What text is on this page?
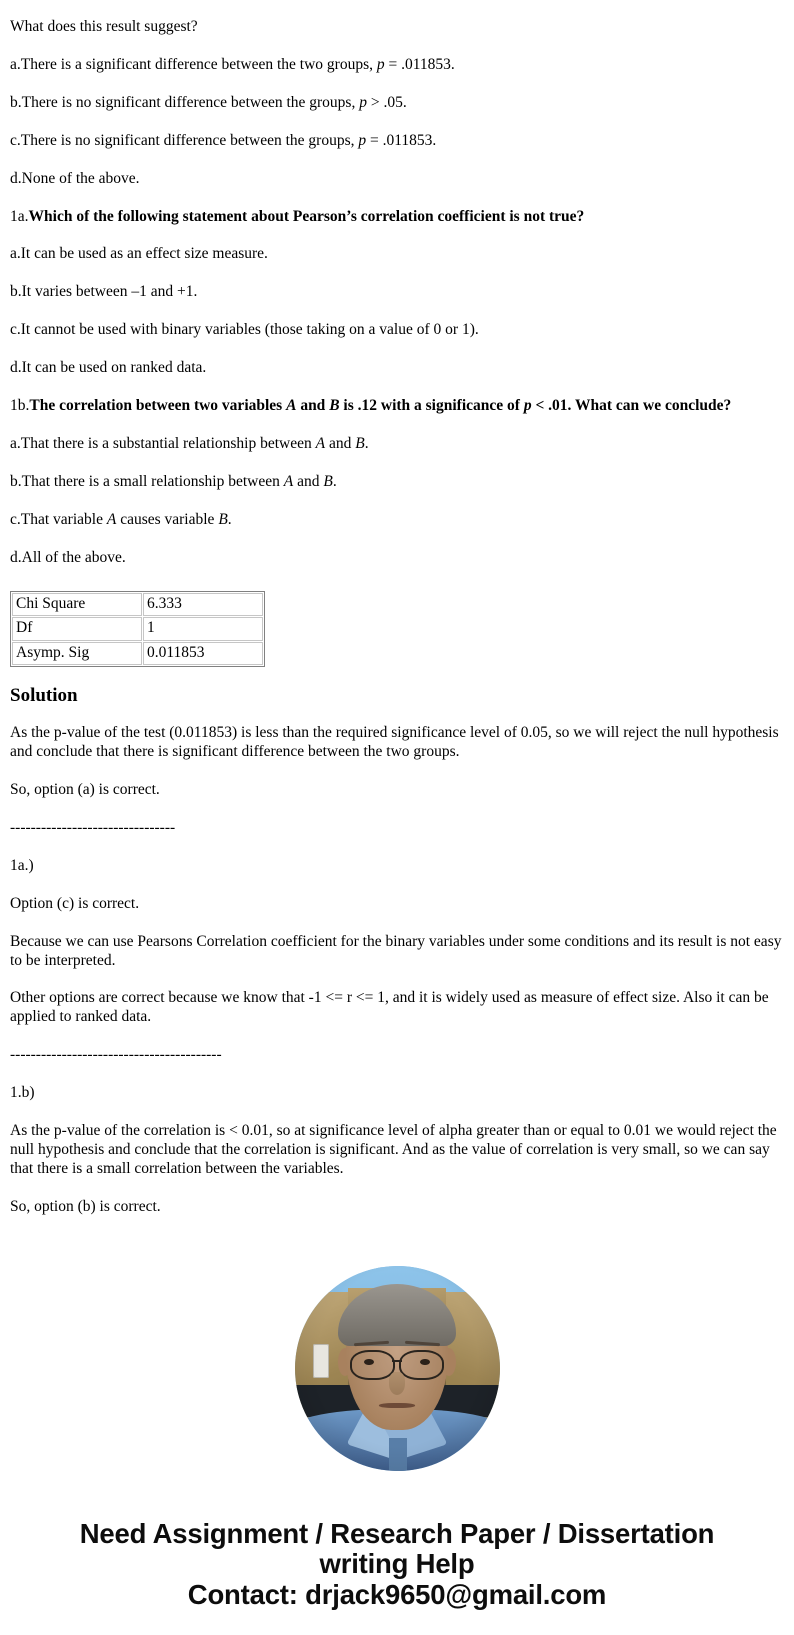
What does this result suggest?

a.There is a significant difference between the two groups, p = .011853.

b.There is no significant difference between the groups, p > .05.

c.There is no significant difference between the groups, p = .011853.

d.None of the above.

1a.Which of the following statement about Pearson’s correlation coefficient is not true?

a.It can be used as an effect size measure.

b.It varies between –1 and +1.

c.It cannot be used with binary variables (those taking on a value of 0 or 1).

d.It can be used on ranked data.

1b.The correlation between two variables A and B is .12 with a significance of p < .01. What can we conclude?

a.That there is a substantial relationship between A and B.

b.That there is a small relationship between A and B.

c.That variable A causes variable B.

d.All of the above.

Chi Square	6.333
Df	1
Asymp. Sig	0.011853
Solution

As the p-value of the test (0.011853) is less than the required significance level of 0.05, so we will reject the null hypothesis and conclude that there is significant difference between the two groups.

So, option (a) is correct.

--------------------------------

1a.)

Option (c) is correct.

Because we can use Pearsons Correlation coefficient for the binary variables under some conditions and its result is not easy to be interpreted.

Other options are correct because we know that -1 <= r <= 1, and it is widely used as measure of effect size. Also it can be applied to ranked data.

-----------------------------------------

1.b)

As the p-value of the correlation is < 0.01, so at significance level of alpha greater than or equal to 0.01 we would reject the null hypothesis and conclude that the correlation is significant. And as the value of correlation is very small, so we can say that there is a small correlation between the variables.

So, option (b) is correct.

Need Assignment / Research Paper / Dissertation
writing Help
Contact: drjack9650@gmail.com
